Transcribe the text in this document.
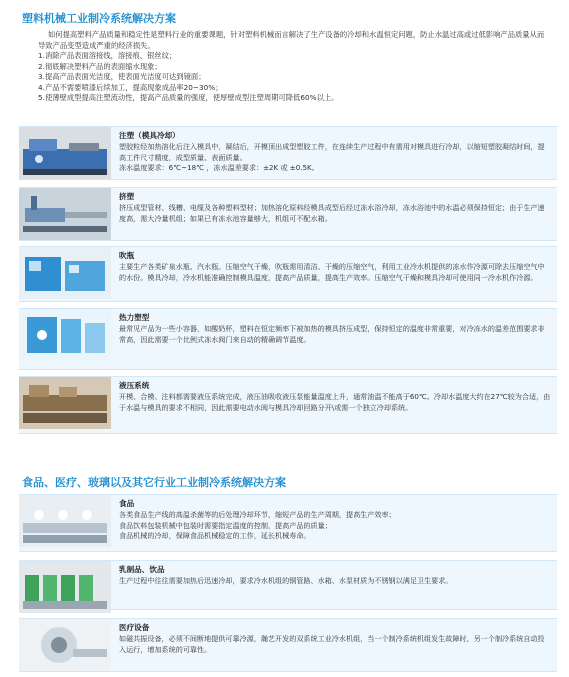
塑料机械工业制冷系统解决方案

如何提高塑料产品质量和稳定性是塑料行业的重要课题，针对塑料机械而言解决了生产设备的冷却和水温恒定问题，防止水温过高或过低影响产品质量从而导致产品变型造成严重的经济损失。

1.消除产品表面溶接线，溶接痕，银丝纹；

2.彻底解决塑料产品的表面缩水现象；

3.提高产品表面光洁度，使表面光洁度可达到镜面；

4.产品不需要喷漆后续加工，提高现象成品率20~30%；

5.使薄壁成型提高注塑流动性，提高产品质量的强度，使厚壁成型注塑周期可降低60%以上。

注塑（模具冷却）

塑胶粒经加热溶化后注入模具中，凝结后，开模顶出成型塑胶工件，在连续生产过程中有需用对模具进行冷却，以缩短塑胶凝结时间，提高工件尺寸精度，成型质量、表面质量。

冻水温度要求：6℃~18℃ ，冻水温差要求：±2K 或 ±0.5K。

挤塑

挤压成型管材、线槽、电缆及各种塑料型材；加热溶化原料经模具成型后经过冻水浴冷却，冻水浴池中的水温必须保持恒定；由于生产速度高，需大冷量机组；如果已有冻水池容量够大，机组可不配水箱。

吹瓶

主要生产各类矿泉水瓶、汽水瓶。压缩空气干燥，吹瓶需用清洁、干燥的压缩空气，利用工业冷水机提供的冻水作冷源可除去压缩空气中的水份。模具冷却，冷水机能准确控制模具温度，提高产品质量，提高生产效率。压缩空气干燥和模具冷却可使用同一冷水机作冷源。

热力塑型

最常见产品为一些小容器，如酸奶杯，塑料在恒定频率下被加热的模具挤压成型，保持恒定的温度非常重要，对冷冻水的温差范围要求非常高，因此需要一个比例式冻水阀门来自动的精确调节温度。

液压系统

开模、合模、注料都需要液压系统完成，液压油吸收液压泵能量温度上升，通常油温不能高于60℃。冷却水温度大约在27℃较为合适，由于水温与模具的要求不相同，因此需要电动水阀与模具冷却回路分开\或需一个独立冷却系统。

食品、医疗、玻璃以及其它行业工业制冷系统解决方案
食品

各类食品生产线的高温杀菌等的后处理冷却环节，缩短产品的生产周期，提高生产效率；

食品饮料包装机械中包装时需要指定温度的控制，提高产品的质量；

食品机械的冷却，保障食品机械稳定的工作，延长机械寿命。

乳制品、饮品

生产过程中往往需要加热后迅速冷却，要求冷水机组的铜管路、水箱、水泵材质为不锈钢以满足卫生要求。

医疗设备

如磁共振设备，必须不间断地提供可靠冷源，瀚艺开发的双系统工业冷水机组，当一个制冷系统机组发生故障时，另一个制冷系统自动投入运行，增加系统的可靠性。
